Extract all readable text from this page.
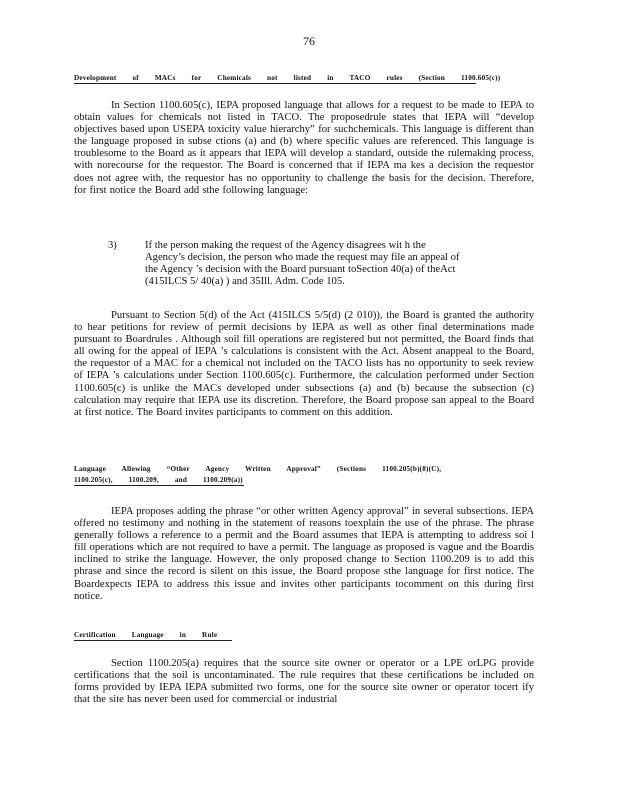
76
Development of MACs for Chemicals not listed in TACO rules (Section 1100.605(c))

In Section 1100.605(c), IEPA proposed language that allows for a request to be made to IEPA to obtain values for chemicals not listed in TACO. The proposedrule states that IEPA will “develop objectives based upon USEPA toxicity value hierarchy” for suchchemicals. This language is different than the language proposed in subse ctions (a) and (b) where specific values are referenced. This language is troublesome to the Board as it appears that IEPA will develop a standard, outside the rulemaking process, with norecourse for the requestor. The Board is concerned that if IEPA ma kes a decision the requestor does not agree with, the requestor has no opportunity to challenge the basis for the decision. Therefore, for first notice the Board add sthe following language:

3)	If the person making the request of the Agency disagrees wit h the
Agency’s decision, the person who made the request may file an appeal of
the Agency ’s decision with the Board pursuant toSection 40(a) of theAct
(415ILCS 5/ 40(a) ) and 35Ill. Adm. Code 105.

Pursuant to Section 5(d) of the Act (415ILCS 5/5(d) (2 010)), the Board is granted the authority to hear petitions for review of permit decisions by IEPA as well as other final determinations made pursuant to Boardrules . Although soil fill operations are registered but not permitted, the Board finds that all owing for the appeal of IEPA ’s calculations is consistent with the Act. Absent anappeal to the Board, the requestor of a MAC for a chemical not included on the TACO lists has no opportunity to seek review of IEPA ’s calculations under Section 1100.605(c). Furthermore, the calculation performed under Section 1100.605(c) is unlike the MACs developed under subsections (a) and (b) because the subsection (c) calculation may require that IEPA use its discretion. Therefore, the Board propose san appeal to the Board at first notice. The Board invites participants to comment on this addition.

Language Allowing “Other Agency Written Approval” (Sections 1100.205(b)(8)(C),
1100.205(c), 1100.209, and 1100.209(a))

IEPA proposes adding the phrase “or other written Agency approval” in several subsections. IEPA offered no testimony and nothing in the statement of reasons toexplain the use of the phrase. The phrase generally follows a reference to a permit and the Board assumes that IEPA is attempting to address soi l fill operations which are not required to have a permit. The language as proposed is vague and the Boardis inclined to strike the language. However, the only proposed change to Section 1100.209 is to add this phrase and since the record is silent on this issue, the Board propose sthe language for first notice. The Boardexpects IEPA to address this issue and invites other participants tocomment on this during first notice.

Certification Language in Rule

Section 1100.205(a) requires that the source site owner or operator or a LPE orLPG provide certifications that the soil is uncontaminated. The rule requires that these certifications be included on forms provided by IEPA IEPA submitted two forms, one for the source site owner or operator tocert ify that the site has never been used for commercial or industrial
